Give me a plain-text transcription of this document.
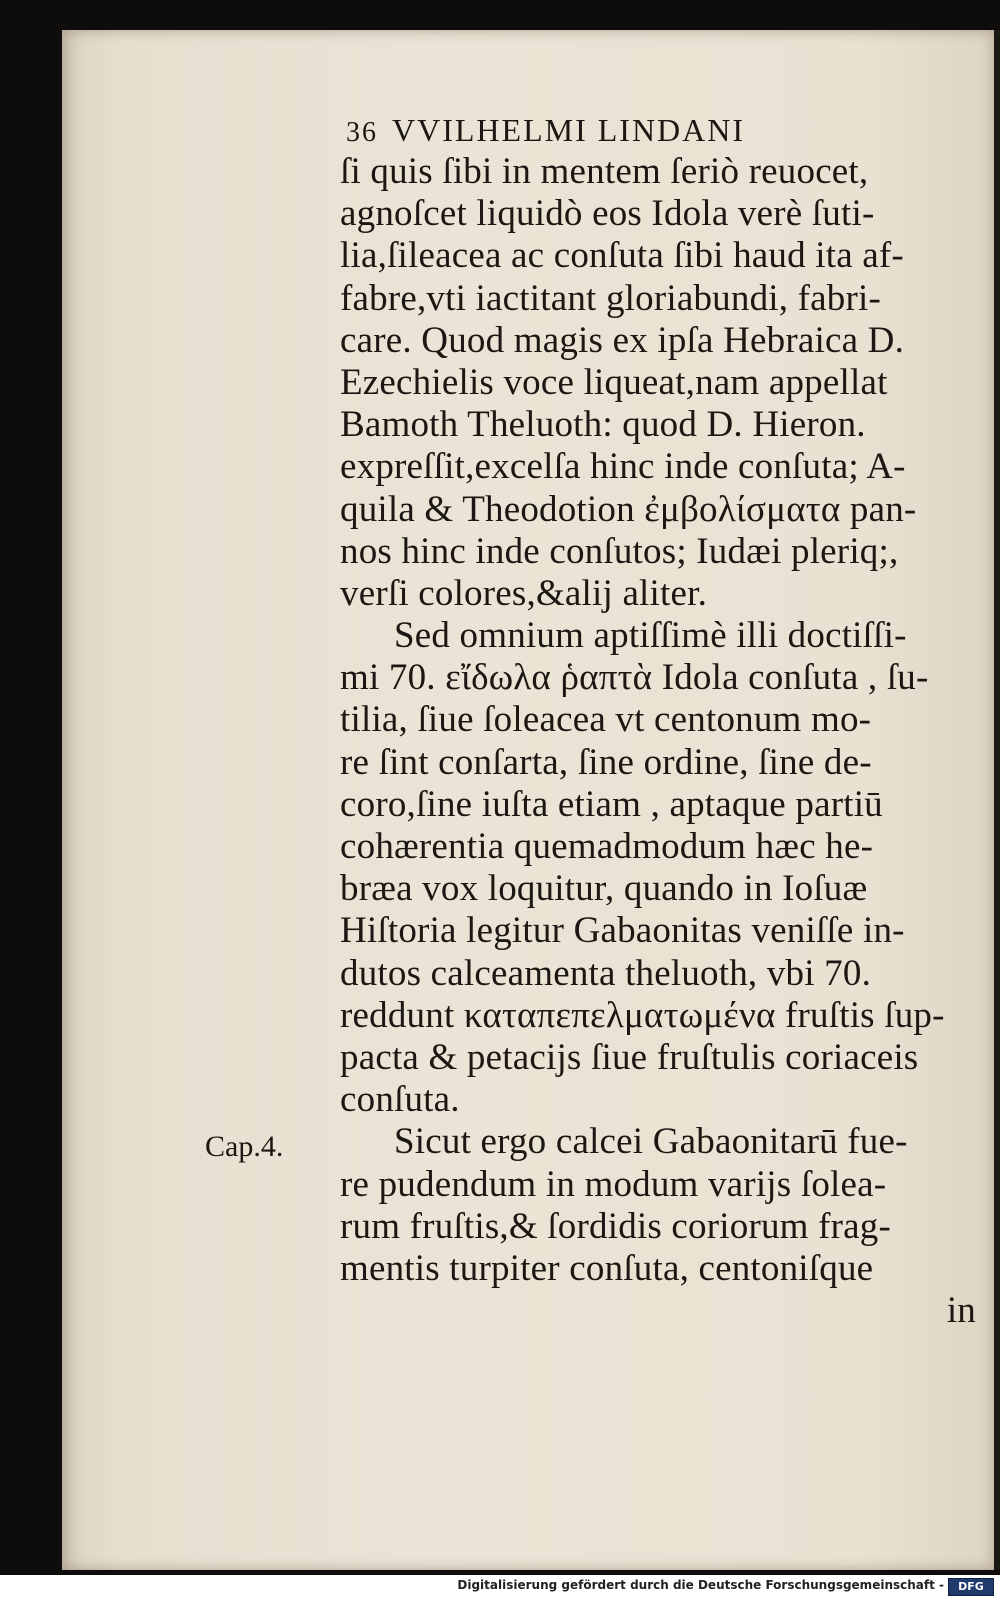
36 VVILHELMI LINDANI
ſi quis ſibi in mentem ſeriò reuocet,
agnoſcet liquidò eos Idola verè ſuti-
lia,ſileacea ac conſuta ſibi haud ita af-
fabre,vti iactitant gloriabundi, fabri-
care. Quod magis ex ipſa Hebraica D.
Ezechielis voce liqueat,nam appellat
Bamoth Theluoth: quod D. Hieron.
expreſſit,excelſa hinc inde conſuta; A-
quila & Theodotion ἐμβολίσματα pan-
nos hinc inde conſutos; Iudæi pleriq;,
verſi colores,&alij aliter.
Sed omnium aptiſſimè illi doctiſſi-
mi 70. εἴδωλα ῥαπτὰ Idola conſuta , ſu-
tilia, ſiue ſoleacea vt centonum mo-
re ſint conſarta, ſine ordine, ſine de-
coro,ſine iuſta etiam , aptaque partiū
cohærentia quemadmodum hæc he-
bræa vox loquitur, quando in Ioſuæ
Hiſtoria legitur Gabaonitas veniſſe in-
dutos calceamenta theluoth, vbi 70.
reddunt καταπεπελματωμένα fruſtis ſup-
pacta & petacijs ſiue fruſtulis coriaceis
conſuta.
Sicut ergo calcei Gabaonitarū fue-
re pudendum in modum varijs ſolea-
rum fruſtis,& ſordidis coriorum frag-
mentis turpiter conſuta, centoniſque
in
Cap.4.
Digitalisierung gefördert durch die Deutsche Forschungsgemeinschaft -	DFG
